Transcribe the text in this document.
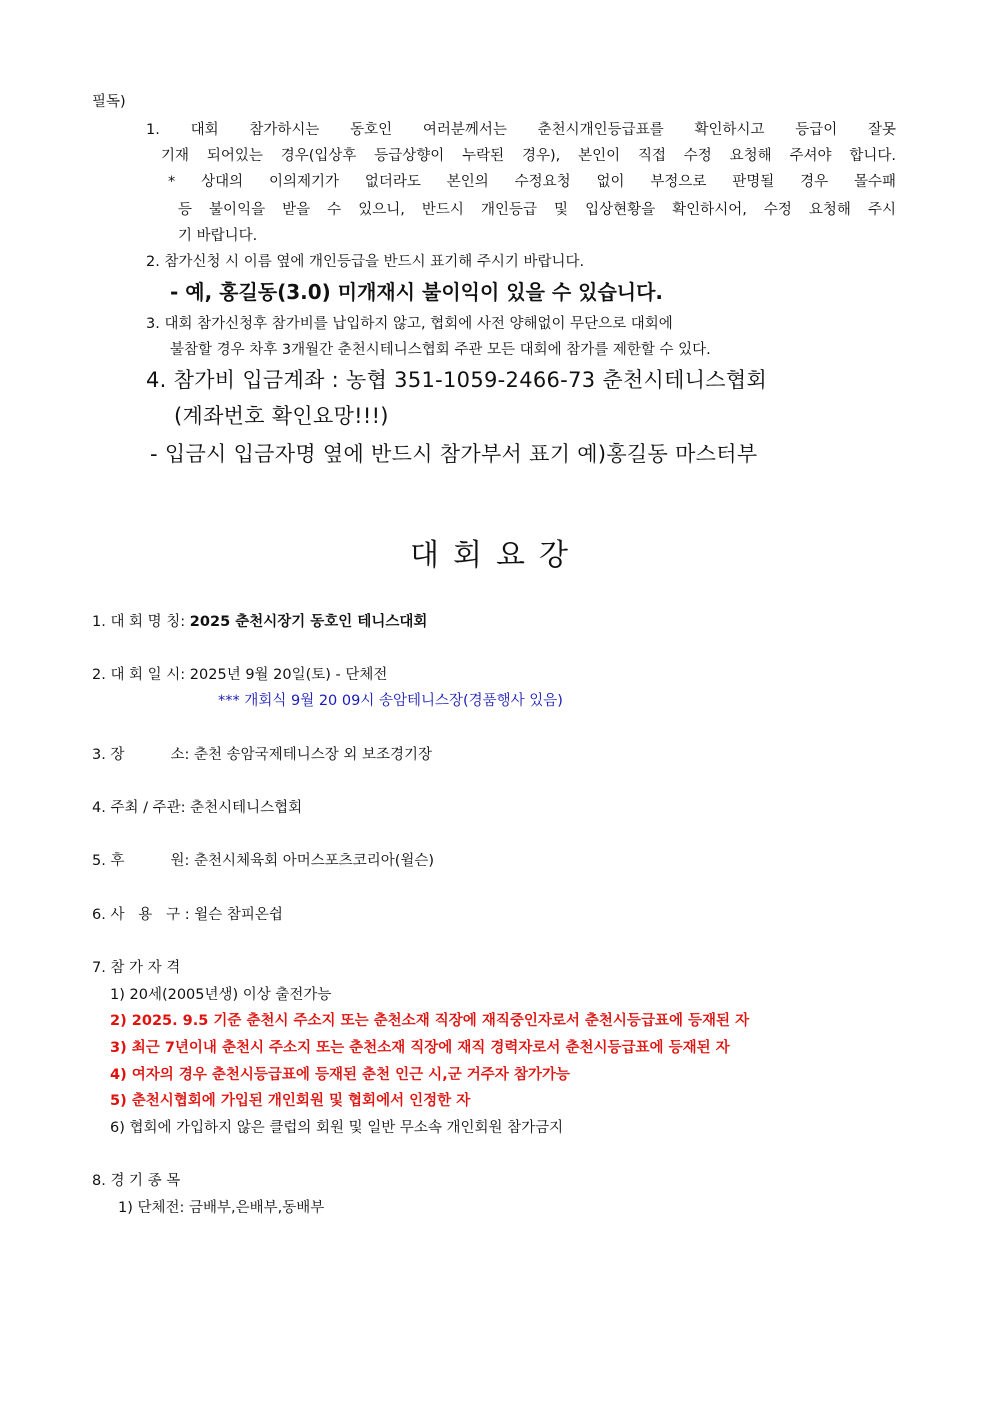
필독)
1. 대회 참가하시는 동호인 여러분께서는 춘천시개인등급표를 확인하시고 등급이 잘못
기재 되어있는 경우(입상후 등급상향이 누락된 경우), 본인이 직접 수정 요청해 주셔야 합니다.
* 상대의 이의제기가 없더라도 본인의 수정요청 없이 부정으로 판명될 경우 몰수패
등 불이익을 받을 수 있으니, 반드시 개인등급 및 입상현황을 확인하시어, 수정 요청해 주시
기 바랍니다.
2. 참가신청 시 이름 옆에 개인등급을 반드시 표기해 주시기 바랍니다.
- 예, 홍길동(3.0) 미개재시 불이익이 있을 수 있습니다.
3. 대회 참가신청후 참가비를 납입하지 않고, 협회에 사전 양해없이 무단으로 대회에
불참할 경우 차후 3개월간 춘천시테니스협회 주관 모든 대회에 참가를 제한할 수 있다.
4. 참가비 입금계좌 : 농협 351-1059-2466-73 춘천시테니스협회
(계좌번호 확인요망!!!)
- 입금시 입금자명 옆에 반드시 참가부서 표기 예)홍길동 마스터부
대회요강
1. 대 회 명 칭: 2025 춘천시장기 동호인 테니스대회
2. 대 회 일 시: 2025년 9월 20일(토) - 단체전
*** 개회식 9월 20 09시 송암테니스장(경품행사 있음)
3. 장          소: 춘천 송암국제테니스장 외 보조경기장
4. 주최 / 주관: 춘천시테니스협회
5. 후          원: 춘천시체육회 아머스포츠코리아(윌슨)
6. 사   용   구 : 윌슨 참피온쉽
7. 참 가 자 격
1) 20세(2005년생) 이상 출전가능
2) 2025. 9.5 기준 춘천시 주소지 또는 춘천소재 직장에 재직중인자로서 춘천시등급표에 등재된 자
3) 최근 7년이내 춘천시 주소지 또는 춘천소재 직장에 재직 경력자로서 춘천시등급표에 등재된 자
4) 여자의 경우 춘천시등급표에 등재된 춘천 인근 시,군 거주자 참가가능
5) 춘천시협회에 가입된 개인회원 및 협회에서 인정한 자
6) 협회에 가입하지 않은 클럽의 회원 및 일반 무소속 개인회원 참가금지
8. 경 기 종 목
1) 단체전: 금배부,은배부,동배부
